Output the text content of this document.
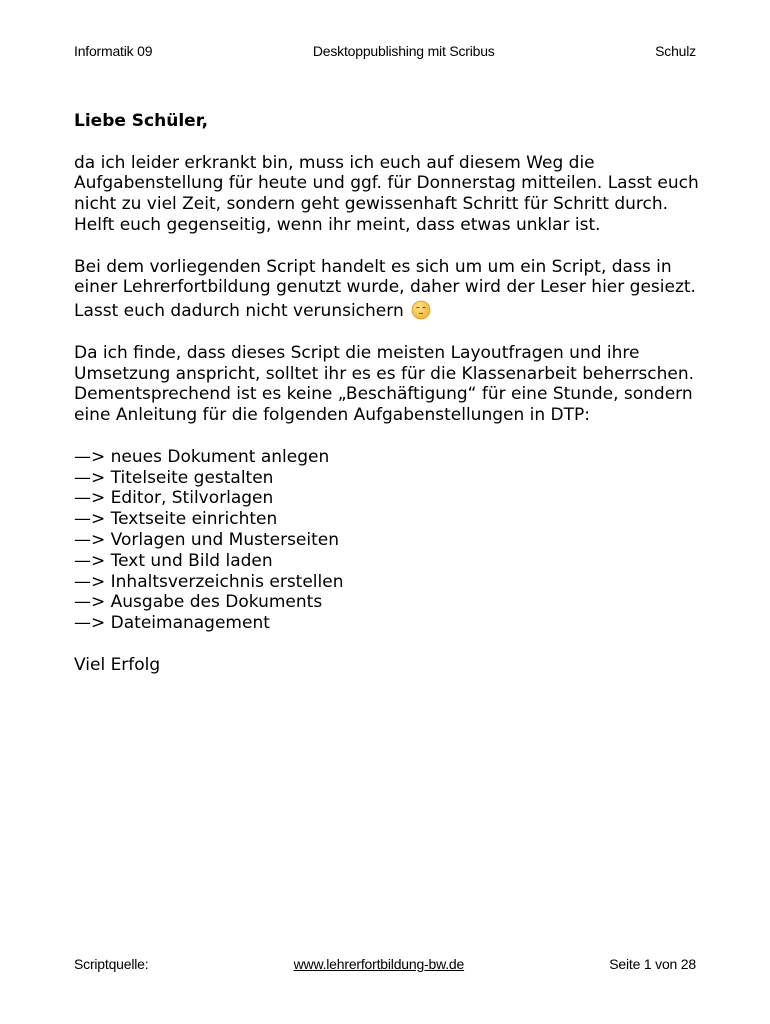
Informatik 09	Desktoppublishing mit Scribus	Schulz
Liebe Schüler,

da ich leider erkrankt bin, muss ich euch auf diesem Weg die Aufgabenstellung für heute und ggf. für Donnerstag mitteilen. Lasst euch nicht zu viel Zeit, sondern geht gewissenhaft Schritt für Schritt durch. Helft euch gegenseitig, wenn ihr meint, dass etwas unklar ist.

Bei dem vorliegenden Script handelt es sich um um ein Script, dass in einer Lehrerfortbildung genutzt wurde, daher wird der Leser hier gesiezt.

Lasst euch dadurch nicht verunsichern

Da ich finde, dass dieses Script die meisten Layoutfragen und ihre Umsetzung anspricht, solltet ihr es es für die Klassenarbeit beherrschen. Dementsprechend ist es keine „Beschäftigung“ für eine Stunde, sondern eine Anleitung für die folgenden Aufgabenstellungen in DTP:

—> neues Dokument anlegen
—> Titelseite gestalten
—> Editor, Stilvorlagen
—> Textseite einrichten
—> Vorlagen und Musterseiten
—> Text und Bild laden
—> Inhaltsverzeichnis erstellen
—> Ausgabe des Dokuments
—> Dateimanagement

Viel Erfolg

Scriptquelle:	www.lehrerfortbildung-bw.de	Seite 1 von 28
